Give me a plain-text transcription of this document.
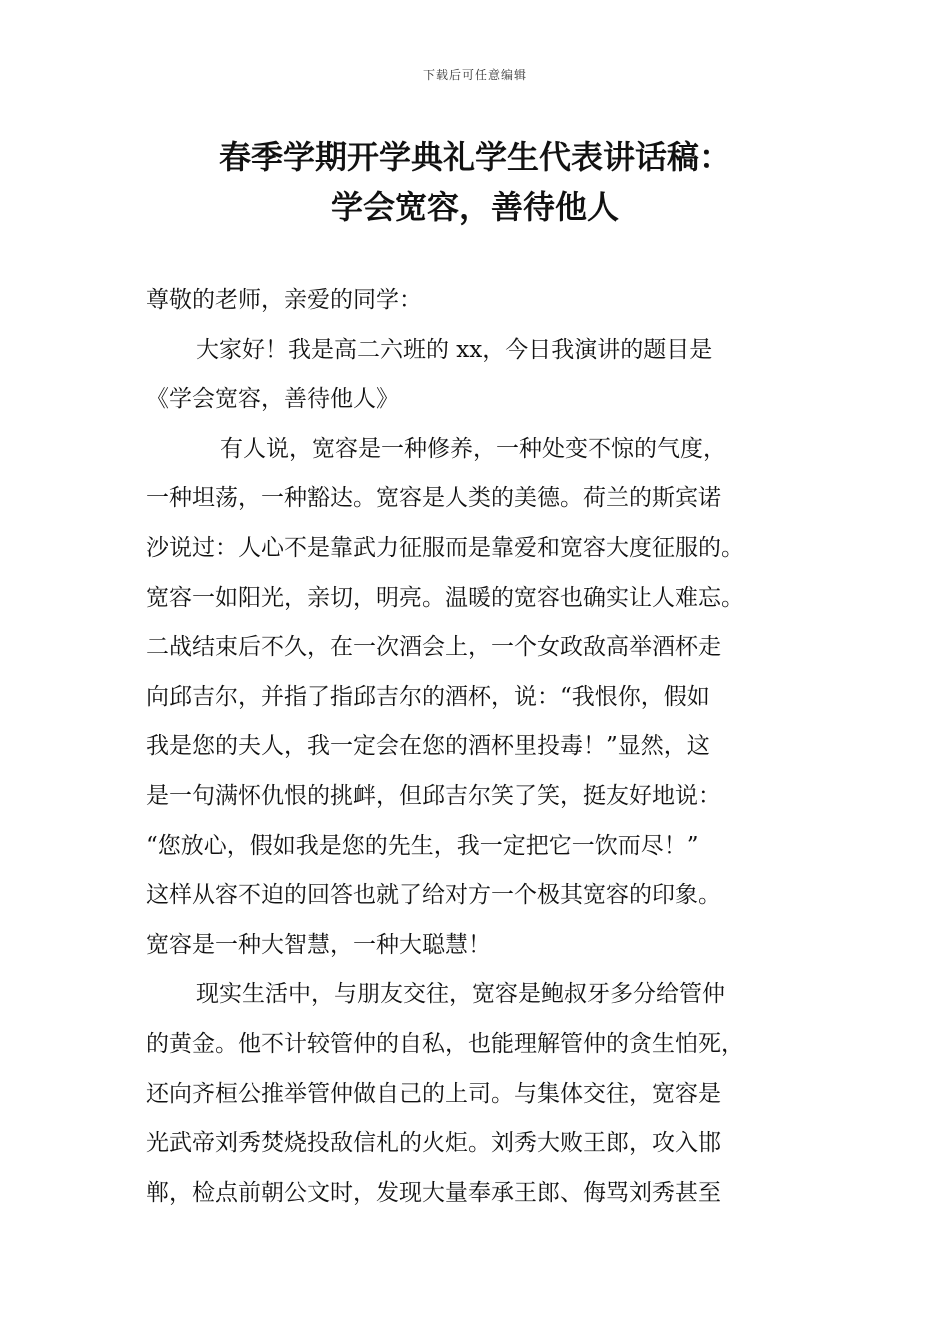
下载后可任意编辑
春季学期开学典礼学生代表讲话稿：
学会宽容，善待他人
尊敬的老师，亲爱的同学：
大家好！我是高二六班的 xx，今日我演讲的题目是
《学会宽容，善待他人》
有人说，宽容是一种修养，一种处变不惊的气度，
一种坦荡，一种豁达。宽容是人类的美德。荷兰的斯宾诺
沙说过：人心不是靠武力征服而是靠爱和宽容大度征服的。
宽容一如阳光，亲切，明亮。温暖的宽容也确实让人难忘。
二战结束后不久，在一次酒会上，一个女政敌高举酒杯走
向邱吉尔，并指了指邱吉尔的酒杯，说：“我恨你，假如
我是您的夫人，我一定会在您的酒杯里投毒！”显然，这
是一句满怀仇恨的挑衅，但邱吉尔笑了笑，挺友好地说：
“您放心，假如我是您的先生，我一定把它一饮而尽！”
这样从容不迫的回答也就了给对方一个极其宽容的印象。
宽容是一种大智慧，一种大聪慧！
现实生活中，与朋友交往，宽容是鲍叔牙多分给管仲
的黄金。他不计较管仲的自私，也能理解管仲的贪生怕死，
还向齐桓公推举管仲做自己的上司。与集体交往，宽容是
光武帝刘秀焚烧投敌信札的火炬。刘秀大败王郎，攻入邯
郸，检点前朝公文时，发现大量奉承王郎、侮骂刘秀甚至
